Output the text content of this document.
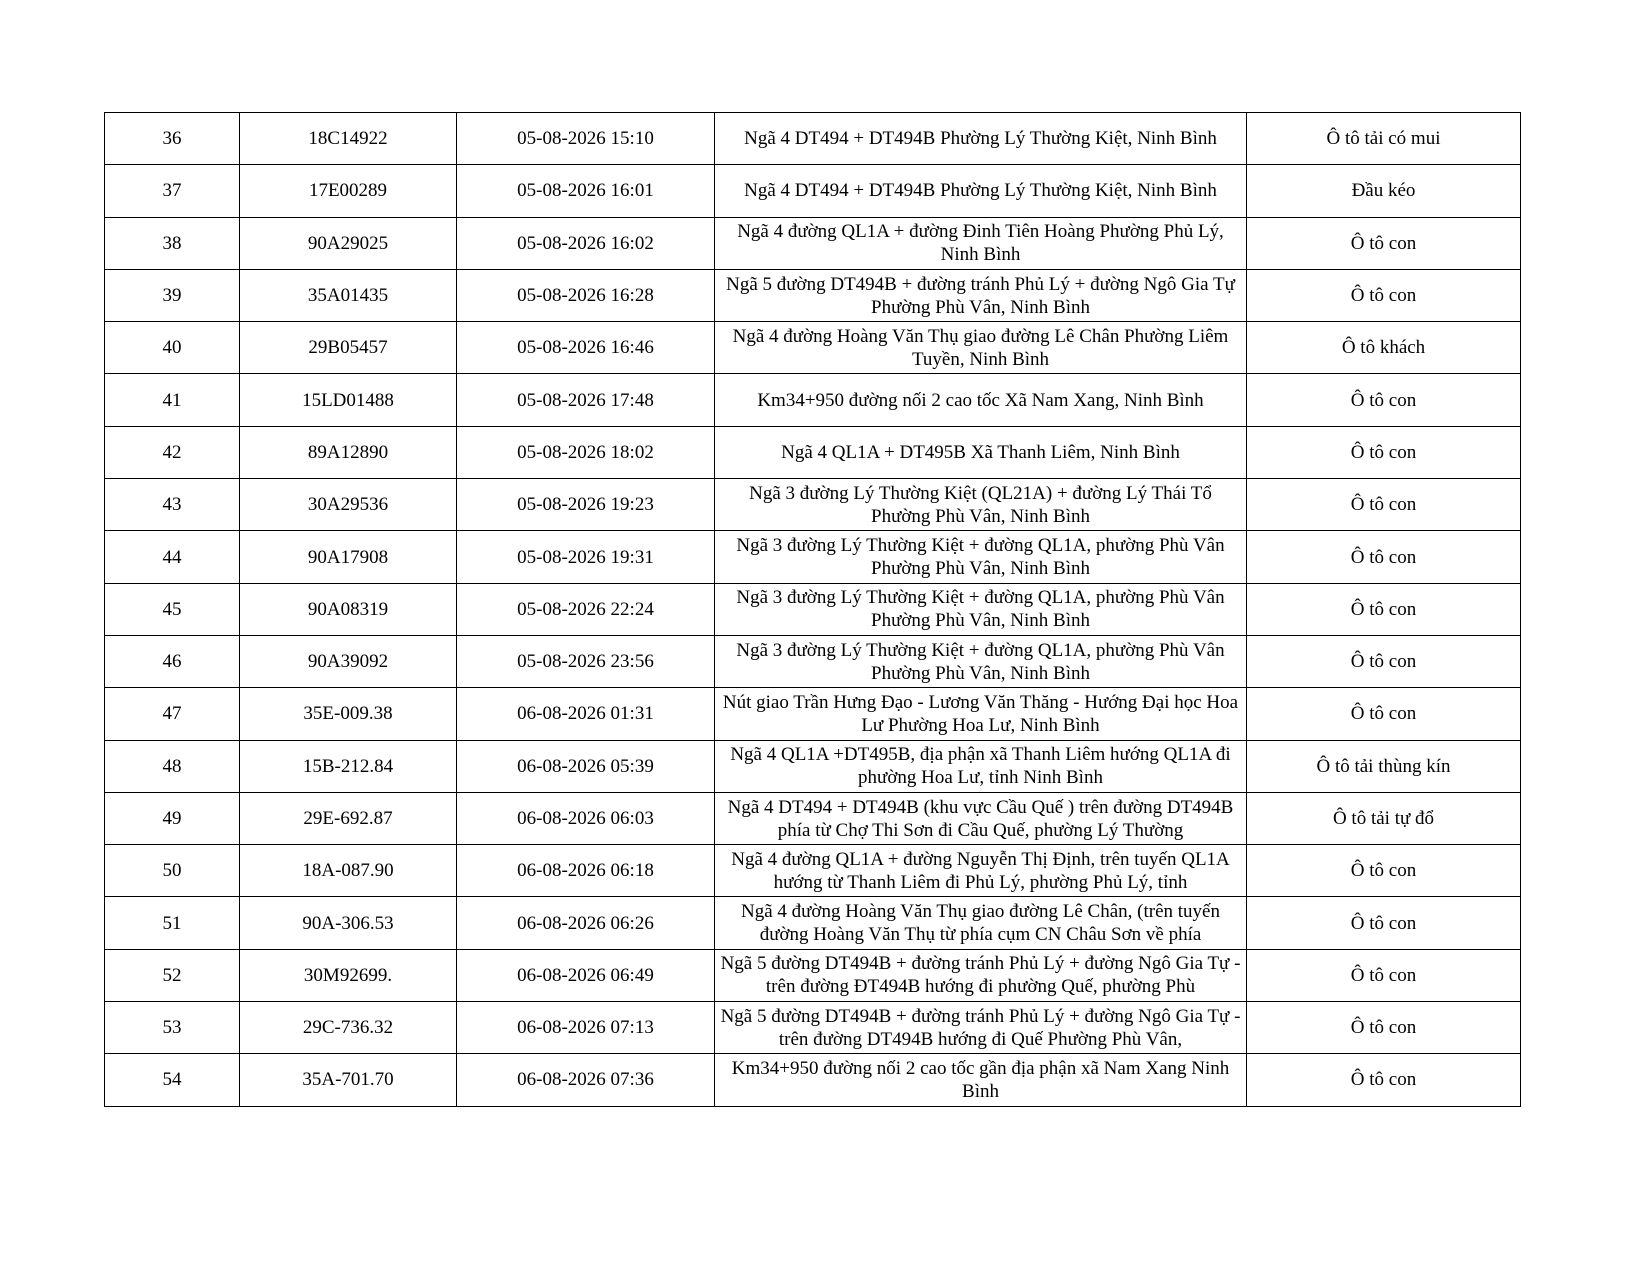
36	18C14922	05-08-2026 15:10	Ngã 4 DT494 + DT494B Phường Lý Thường Kiệt, Ninh Bình	Ô tô tải có mui
37	17E00289	05-08-2026 16:01	Ngã 4 DT494 + DT494B Phường Lý Thường Kiệt, Ninh Bình	Đầu kéo
38	90A29025	05-08-2026 16:02	Ngã 4 đường QL1A + đường Đinh Tiên Hoàng Phường Phủ Lý, Ninh Bình	Ô tô con
39	35A01435	05-08-2026 16:28	Ngã 5 đường DT494B + đường tránh Phủ Lý + đường Ngô Gia Tự Phường Phù Vân, Ninh Bình	Ô tô con
40	29B05457	05-08-2026 16:46	Ngã 4 đường Hoàng Văn Thụ giao đường Lê Chân Phường Liêm Tuyền, Ninh Bình	Ô tô khách
41	15LD01488	05-08-2026 17:48	Km34+950 đường nối 2 cao tốc Xã Nam Xang, Ninh Bình	Ô tô con
42	89A12890	05-08-2026 18:02	Ngã 4 QL1A + DT495B Xã Thanh Liêm, Ninh Bình	Ô tô con
43	30A29536	05-08-2026 19:23	Ngã 3 đường Lý Thường Kiệt (QL21A) + đường Lý Thái Tổ Phường Phù Vân, Ninh Bình	Ô tô con
44	90A17908	05-08-2026 19:31	Ngã 3 đường Lý Thường Kiệt + đường QL1A, phường Phù Vân Phường Phù Vân, Ninh Bình	Ô tô con
45	90A08319	05-08-2026 22:24	Ngã 3 đường Lý Thường Kiệt + đường QL1A, phường Phù Vân Phường Phù Vân, Ninh Bình	Ô tô con
46	90A39092	05-08-2026 23:56	Ngã 3 đường Lý Thường Kiệt + đường QL1A, phường Phù Vân Phường Phù Vân, Ninh Bình	Ô tô con
47	35E-009.38	06-08-2026 01:31	Nút giao Trần Hưng Đạo - Lương Văn Thăng - Hướng Đại học Hoa Lư Phường Hoa Lư, Ninh Bình	Ô tô con
48	15B-212.84	06-08-2026 05:39	Ngã 4 QL1A +DT495B, địa phận xã Thanh Liêm hướng QL1A đi phường Hoa Lư, tỉnh Ninh Bình	Ô tô tải thùng kín
49	29E-692.87	06-08-2026 06:03	Ngã 4 DT494 + DT494B (khu vực Cầu Quế ) trên đường DT494B phía từ Chợ Thi Sơn đi Cầu Quế, phường Lý Thường	Ô tô tải tự đổ
50	18A-087.90	06-08-2026 06:18	Ngã 4 đường QL1A + đường Nguyễn Thị Định, trên tuyến QL1A hướng từ Thanh Liêm đi Phủ Lý, phường Phủ Lý, tỉnh	Ô tô con
51	90A-306.53	06-08-2026 06:26	Ngã 4 đường Hoàng Văn Thụ giao đường Lê Chân, (trên tuyến đường Hoàng Văn Thụ từ phía cụm CN Châu Sơn về phía	Ô tô con
52	30M92699.	06-08-2026 06:49	Ngã 5 đường DT494B + đường tránh Phủ Lý + đường Ngô Gia Tự - trên đường ĐT494B hướng đi phường Quế, phường Phù	Ô tô con
53	29C-736.32	06-08-2026 07:13	Ngã 5 đường DT494B + đường tránh Phủ Lý + đường Ngô Gia Tự - trên đường DT494B hướng đi Quế Phường Phù Vân,	Ô tô con
54	35A-701.70	06-08-2026 07:36	Km34+950 đường nối 2 cao tốc gần địa phận xã Nam Xang Ninh Bình	Ô tô con
